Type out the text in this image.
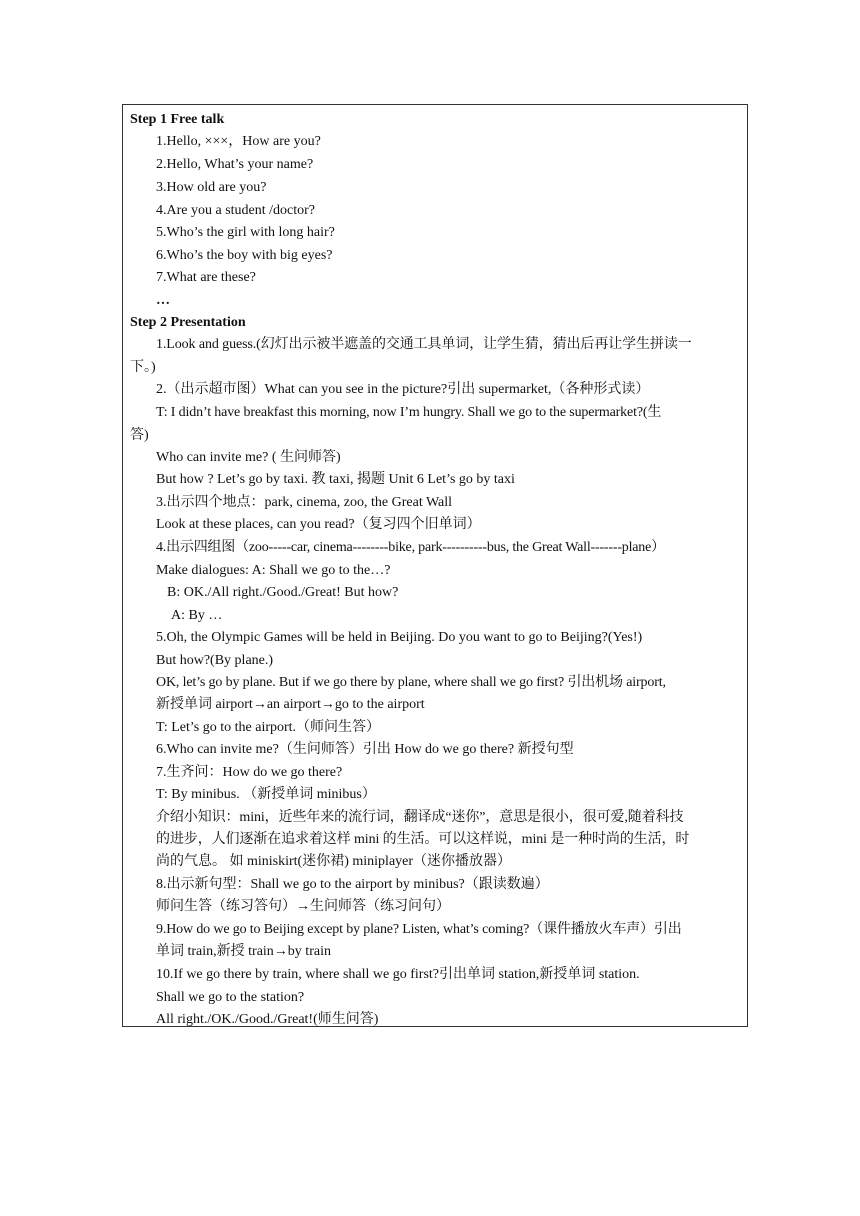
Step 1 Free talk
1.Hello, ×××，How are you?
2.Hello, What’s your name?
3.How old are you?
4.Are you a student /doctor?
5.Who’s the girl with long hair?
6.Who’s the boy with big eyes?
7.What are these?
…
Step 2 Presentation
1.Look and guess.(幻灯出示被半遮盖的交通工具单词，让学生猜，猜出后再让学生拼读一
下。)
2.（出示超市图）What can you see in the picture?引出 supermarket,（各种形式读）
T: I didn’t have breakfast this morning, now I’m hungry. Shall we go to the supermarket?(生
答)
Who can invite me? ( 生问师答)
But how ? Let’s go by taxi. 教 taxi, 揭题 Unit 6 Let’s go by taxi
3.出示四个地点：park, cinema, zoo, the Great Wall
Look at these places, can you read?（复习四个旧单词）
4.出示四组图（zoo-----car, cinema--------bike, park----------bus, the Great Wall-------plane）
Make dialogues: A: Shall we go to the…?
B: OK./All right./Good./Great! But how?
A: By …
5.Oh, the Olympic Games will be held in Beijing. Do you want to go to Beijing?(Yes!)
But how?(By plane.)
OK, let’s go by plane. But if we go there by plane, where shall we go first? 引出机场 airport,
新授单词 airport→an airport→go to the airport
T: Let’s go to the airport.（师问生答）
6.Who can invite me?（生问师答）引出 How do we go there? 新授句型
7.生齐问：How do we go there?
T: By minibus. （新授单词 minibus）
介绍小知识：mini，近些年来的流行词，翻译成“迷你”，意思是很小，很可爱,随着科技
的进步，人们逐渐在追求着这样 mini 的生活。可以这样说，mini 是一种时尚的生活，时
尚的气息。 如 miniskirt(迷你裙) miniplayer（迷你播放器）
8.出示新句型：Shall we go to the airport by minibus?（跟读数遍）
师问生答（练习答句）→生问师答（练习问句）
9.How do we go to Beijing except by plane? Listen, what’s coming?（课件播放火车声）引出
单词 train,新授 train→by train
10.If we go there by train, where shall we go first?引出单词 station,新授单词 station.
Shall we go to the station?
All right./OK./Good./Great!(师生问答)
